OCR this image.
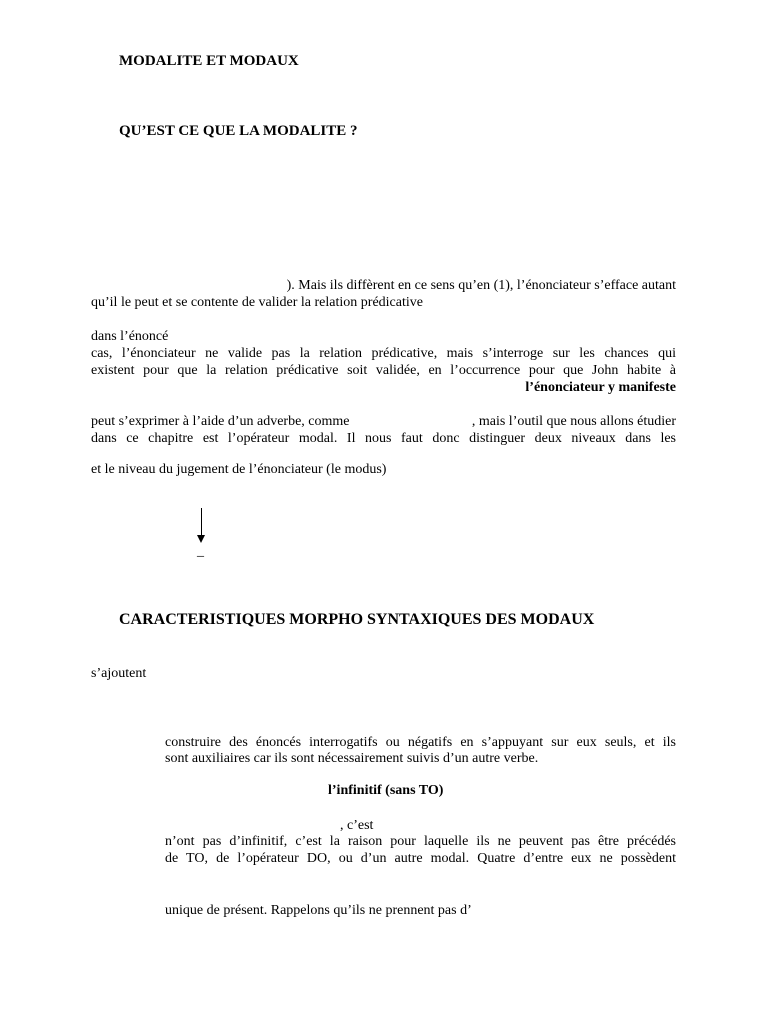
MODALITE ET MODAUX
QU’EST CE QUE LA MODALITE ?
). Mais ils diffèrent en ce sens qu’en (1), l’énonciateur s’efface autant
qu’il le peut et se contente de valider la relation prédicative
dans l’énoncé
cas, l’énonciateur ne valide pas la relation prédicative, mais s’interroge sur les chances qui
existent pour que la relation prédicative soit validée, en l’occurrence pour que John habite à
l’énonciateur y manifeste
peut s’exprimer à l’aide d’un adverbe, comme	, mais l’outil que nous allons étudier
dans ce chapitre est l’opérateur modal. Il nous faut donc distinguer deux niveaux dans les
et le niveau du jugement de l’énonciateur (le modus)
_
CARACTERISTIQUES MORPHO SYNTAXIQUES DES MODAUX
s’ajoutent
construire des énoncés interrogatifs ou négatifs en s’appuyant sur eux seuls, et ils
sont auxiliaires car ils sont nécessairement suivis d’un autre verbe.
l’infinitif (sans TO)
, c’est
n’ont pas d’infinitif, c’est la raison pour laquelle ils ne peuvent pas être précédés
de TO, de l’opérateur DO, ou d’un autre modal. Quatre d’entre eux ne possèdent
unique de présent. Rappelons qu’ils ne prennent pas d’
